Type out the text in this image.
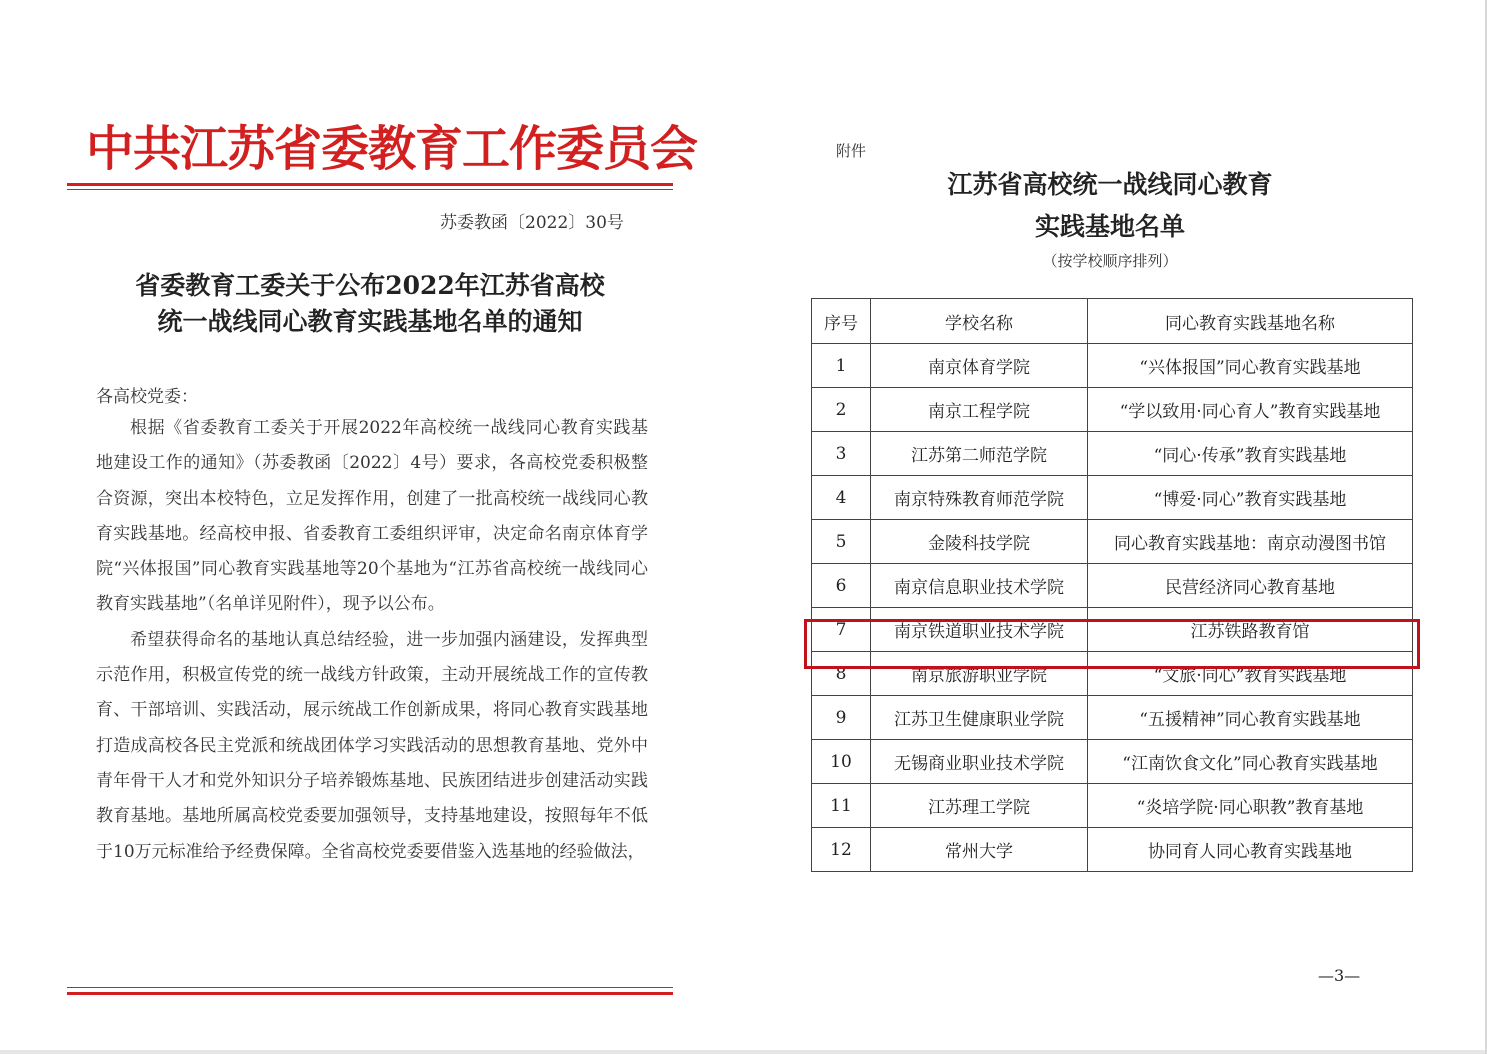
中共江苏省委教育工作委员会
苏委教函〔2022〕30号
省委教育工委关于公布2022年江苏省高校
统一战线同心教育实践基地名单的通知
各高校党委：

根据《省委教育工委关于开展2022年高校统一战线同心教育实践基地建设工作的通知》（苏委教函〔2022〕4号）要求，各高校党委积极整合资源，突出本校特色，立足发挥作用，创建了一批高校统一战线同心教育实践基地。经高校申报、省委教育工委组织评审，决定命名南京体育学院“兴体报国”同心教育实践基地等20个基地为“江苏省高校统一战线同心教育实践基地”（名单详见附件），现予以公布。

希望获得命名的基地认真总结经验，进一步加强内涵建设，发挥典型示范作用，积极宣传党的统一战线方针政策，主动开展统战工作的宣传教育、干部培训、实践活动，展示统战工作创新成果，将同心教育实践基地打造成高校各民主党派和统战团体学习实践活动的思想教育基地、党外中青年骨干人才和党外知识分子培养锻炼基地、民族团结进步创建活动实践教育基地。基地所属高校党委要加强领导，支持基地建设，按照每年不低于10万元标准给予经费保障。全省高校党委要借鉴入选基地的经验做法，

附件
江苏省高校统一战线同心教育
实践基地名单
（按学校顺序排列）
序号	学校名称	同心教育实践基地名称
1	南京体育学院	“兴体报国”同心教育实践基地
2	南京工程学院	“学以致用·同心育人”教育实践基地
3	江苏第二师范学院	“同心·传承”教育实践基地
4	南京特殊教育师范学院	“博爱·同心”教育实践基地
5	金陵科技学院	同心教育实践基地：南京动漫图书馆
6	南京信息职业技术学院	民营经济同心教育基地
7	南京铁道职业技术学院	江苏铁路教育馆
8	南京旅游职业学院	“文旅·同心”教育实践基地
9	江苏卫生健康职业学院	“五援精神”同心教育实践基地
10	无锡商业职业技术学院	“江南饮食文化”同心教育实践基地
11	江苏理工学院	“炎培学院·同心职教”教育基地
12	常州大学	协同育人同心教育实践基地
—3—
